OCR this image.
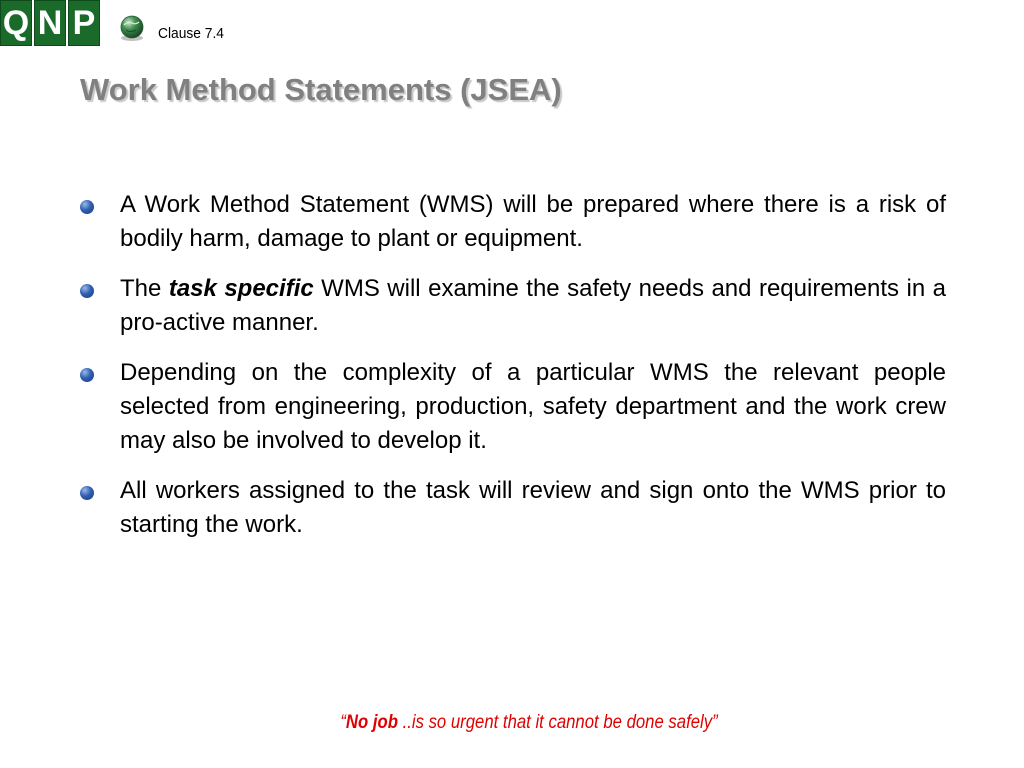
Q N P	Clause 7.4
Work Method Statements (JSEA)
A Work Method Statement (WMS) will be prepared where there is a risk of bodily harm, damage to plant or equipment.
The task specific WMS will examine the safety needs and requirements in a pro-active manner.
Depending on the complexity of a particular WMS the relevant people selected from engineering, production, safety department and the work crew may also be involved to develop it.
All workers assigned to the task will review and sign onto the WMS prior to starting the work.
“No job ..is so urgent that it cannot be done safely”
